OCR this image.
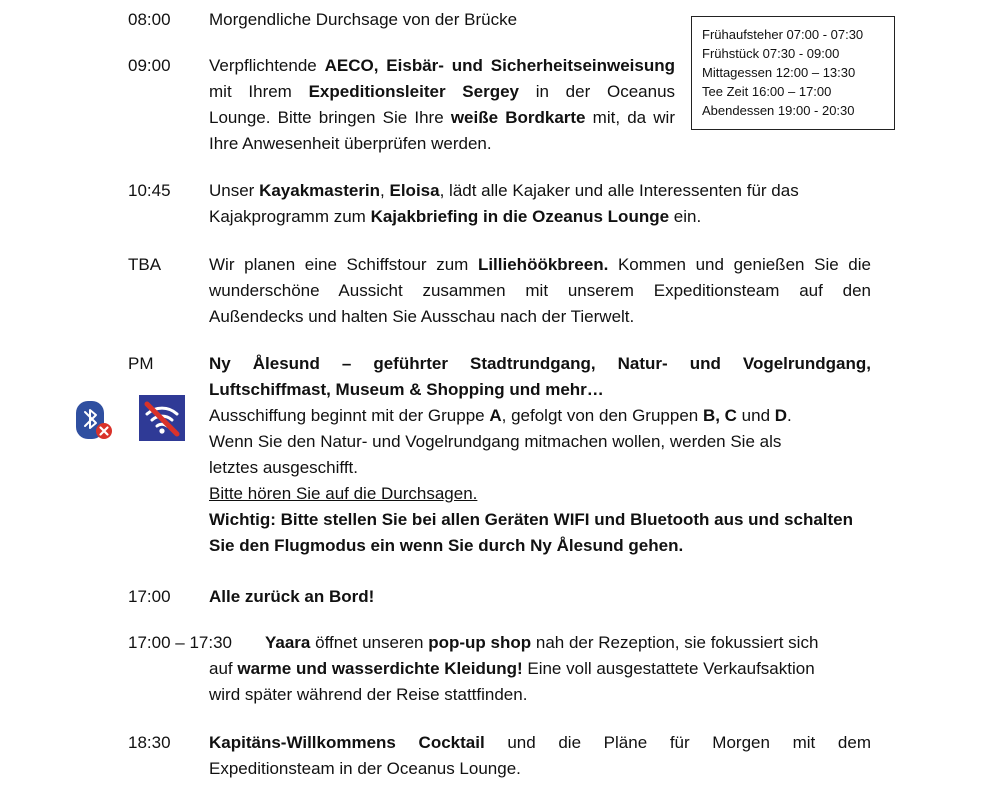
Frühaufsteher 07:00 - 07:30
Frühstück 07:30 - 09:00
Mittagessen 12:00 – 13:30
Tee Zeit 16:00 – 17:00
Abendessen 19:00 - 20:30
08:00 Morgendliche Durchsage von der Brücke
09:00 Verpflichtende AECO, Eisbär- und Sicherheitseinweisung
mit Ihrem Expeditionsleiter Sergey in der Oceanus
Lounge. Bitte bringen Sie Ihre weiße Bordkarte mit, da wir
Ihre Anwesenheit überprüfen werden.
10:45 Unser Kayakmasterin, Eloisa, lädt alle Kajaker und alle Interessenten für das
Kajakprogramm zum Kajakbriefing in die Ozeanus Lounge ein.
TBA	Wir planen eine Schiffstour zum Lilliehöökbreen. Kommen und genießen Sie die
wunderschöne Aussicht zusammen mit unserem Expeditionsteam auf den
Außendecks und halten Sie Ausschau nach der Tierwelt.
PM	Ny Ålesund – geführter Stadtrundgang, Natur- und Vogelrundgang,
Luftschiffmast, Museum & Shopping und mehr…
Ausschiffung beginnt mit der Gruppe A, gefolgt von den Gruppen B, C und D.
Wenn Sie den Natur- und Vogelrundgang mitmachen wollen, werden Sie als
letztes ausgeschifft.
Bitte hören Sie auf die Durchsagen.
Wichtig: Bitte stellen Sie bei allen Geräten WIFI und Bluetooth aus und schalten
Sie den Flugmodus ein wenn Sie durch Ny Ålesund gehen.
17:00 Alle zurück an Bord!
17:00 – 17:30	Yaara öffnet unseren pop-up shop nah der Rezeption, sie fokussiert sich
auf warme und wasserdichte Kleidung! Eine voll ausgestattete Verkaufsaktion
wird später während der Reise stattfinden.
18:30 Kapitäns-Willkommens Cocktail und die Pläne für Morgen mit dem
Expeditionsteam in der Oceanus Lounge.
